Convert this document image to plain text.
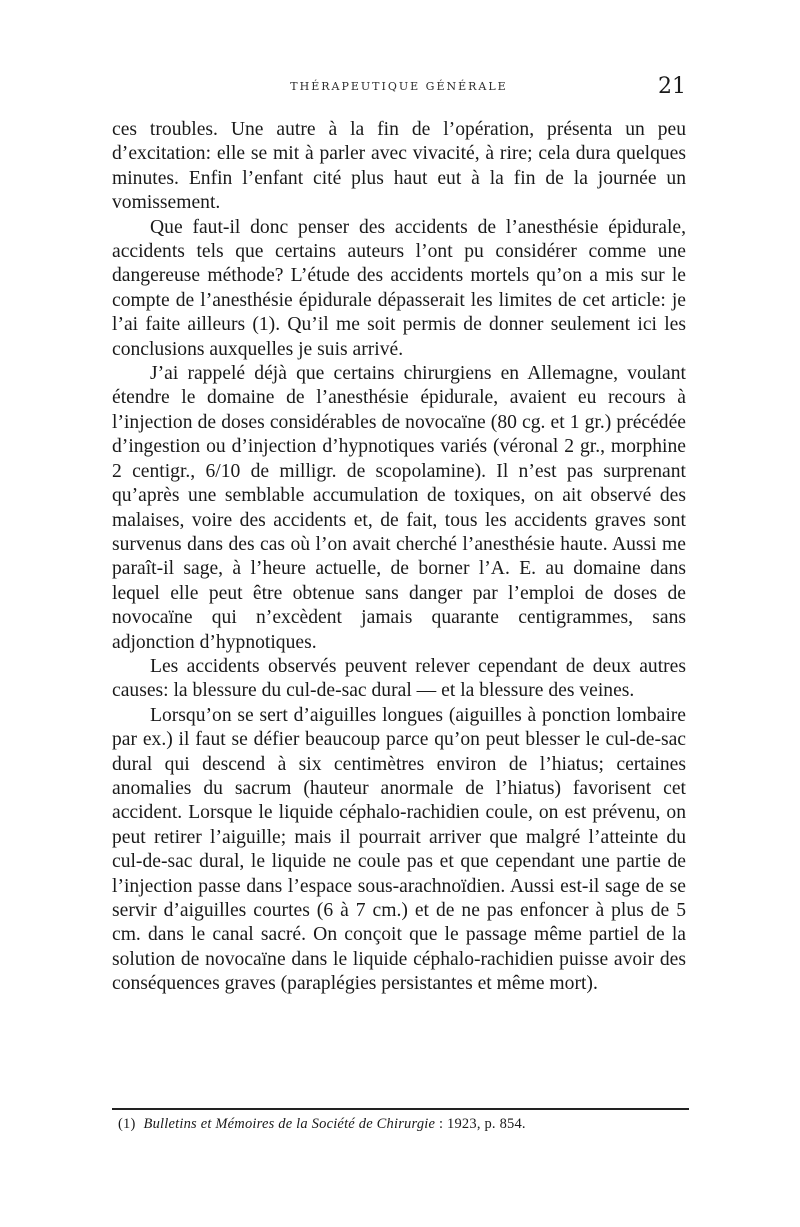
THÉRAPEUTIQUE GÉNÉRALE	21

ces troubles. Une autre à la fin de l’opération, présenta un peu d’excitation: elle se mit à parler avec vivacité, à rire; cela dura quelques minutes. Enfin l’enfant cité plus haut eut à la fin de la journée un vomissement.

Que faut-il donc penser des accidents de l’anesthésie épidurale, accidents tels que certains auteurs l’ont pu considérer comme une dangereuse méthode? L’étude des accidents mortels qu’on a mis sur le compte de l’anesthésie épidurale dépasserait les limites de cet article: je l’ai faite ailleurs (1). Qu’il me soit permis de donner seulement ici les conclusions auxquelles je suis arrivé.

J’ai rappelé déjà que certains chirurgiens en Allemagne, voulant étendre le domaine de l’anesthésie épidurale, avaient eu recours à l’injection de doses considérables de novocaïne (80 cg. et 1 gr.) précédée d’ingestion ou d’injection d’hypnotiques variés (véronal 2 gr., morphine 2 centigr., 6/10 de milligr. de scopolamine). Il n’est pas surprenant qu’après une semblable accumulation de toxiques, on ait observé des malaises, voire des accidents et, de fait, tous les accidents graves sont survenus dans des cas où l’on avait cherché l’anesthésie haute. Aussi me paraît-il sage, à l’heure actuelle, de borner l’A. E. au domaine dans lequel elle peut être obtenue sans danger par l’emploi de doses de novocaïne qui n’excèdent jamais quarante centigrammes, sans adjonction d’hypnotiques.

Les accidents observés peuvent relever cependant de deux autres causes: la blessure du cul-de-sac dural — et la blessure des veines.

Lorsqu’on se sert d’aiguilles longues (aiguilles à ponction lombaire par ex.) il faut se défier beaucoup parce qu’on peut blesser le cul-de-sac dural qui descend à six centimètres environ de l’hiatus; certaines anomalies du sacrum (hauteur anormale de l’hiatus) favorisent cet accident. Lorsque le liquide céphalo-rachidien coule, on est prévenu, on peut retirer l’aiguille; mais il pourrait arriver que malgré l’atteinte du cul-de-sac dural, le liquide ne coule pas et que cependant une partie de l’injection passe dans l’espace sous-arachnoïdien. Aussi est-il sage de se servir d’aiguilles courtes (6 à 7 cm.) et de ne pas enfoncer à plus de 5 cm. dans le canal sacré. On conçoit que le passage même partiel de la solution de novocaïne dans le liquide céphalo-rachidien puisse avoir des conséquences graves (paraplégies persistantes et même mort).

(1) Bulletins et Mémoires de la Société de Chirurgie : 1923, p. 854.
